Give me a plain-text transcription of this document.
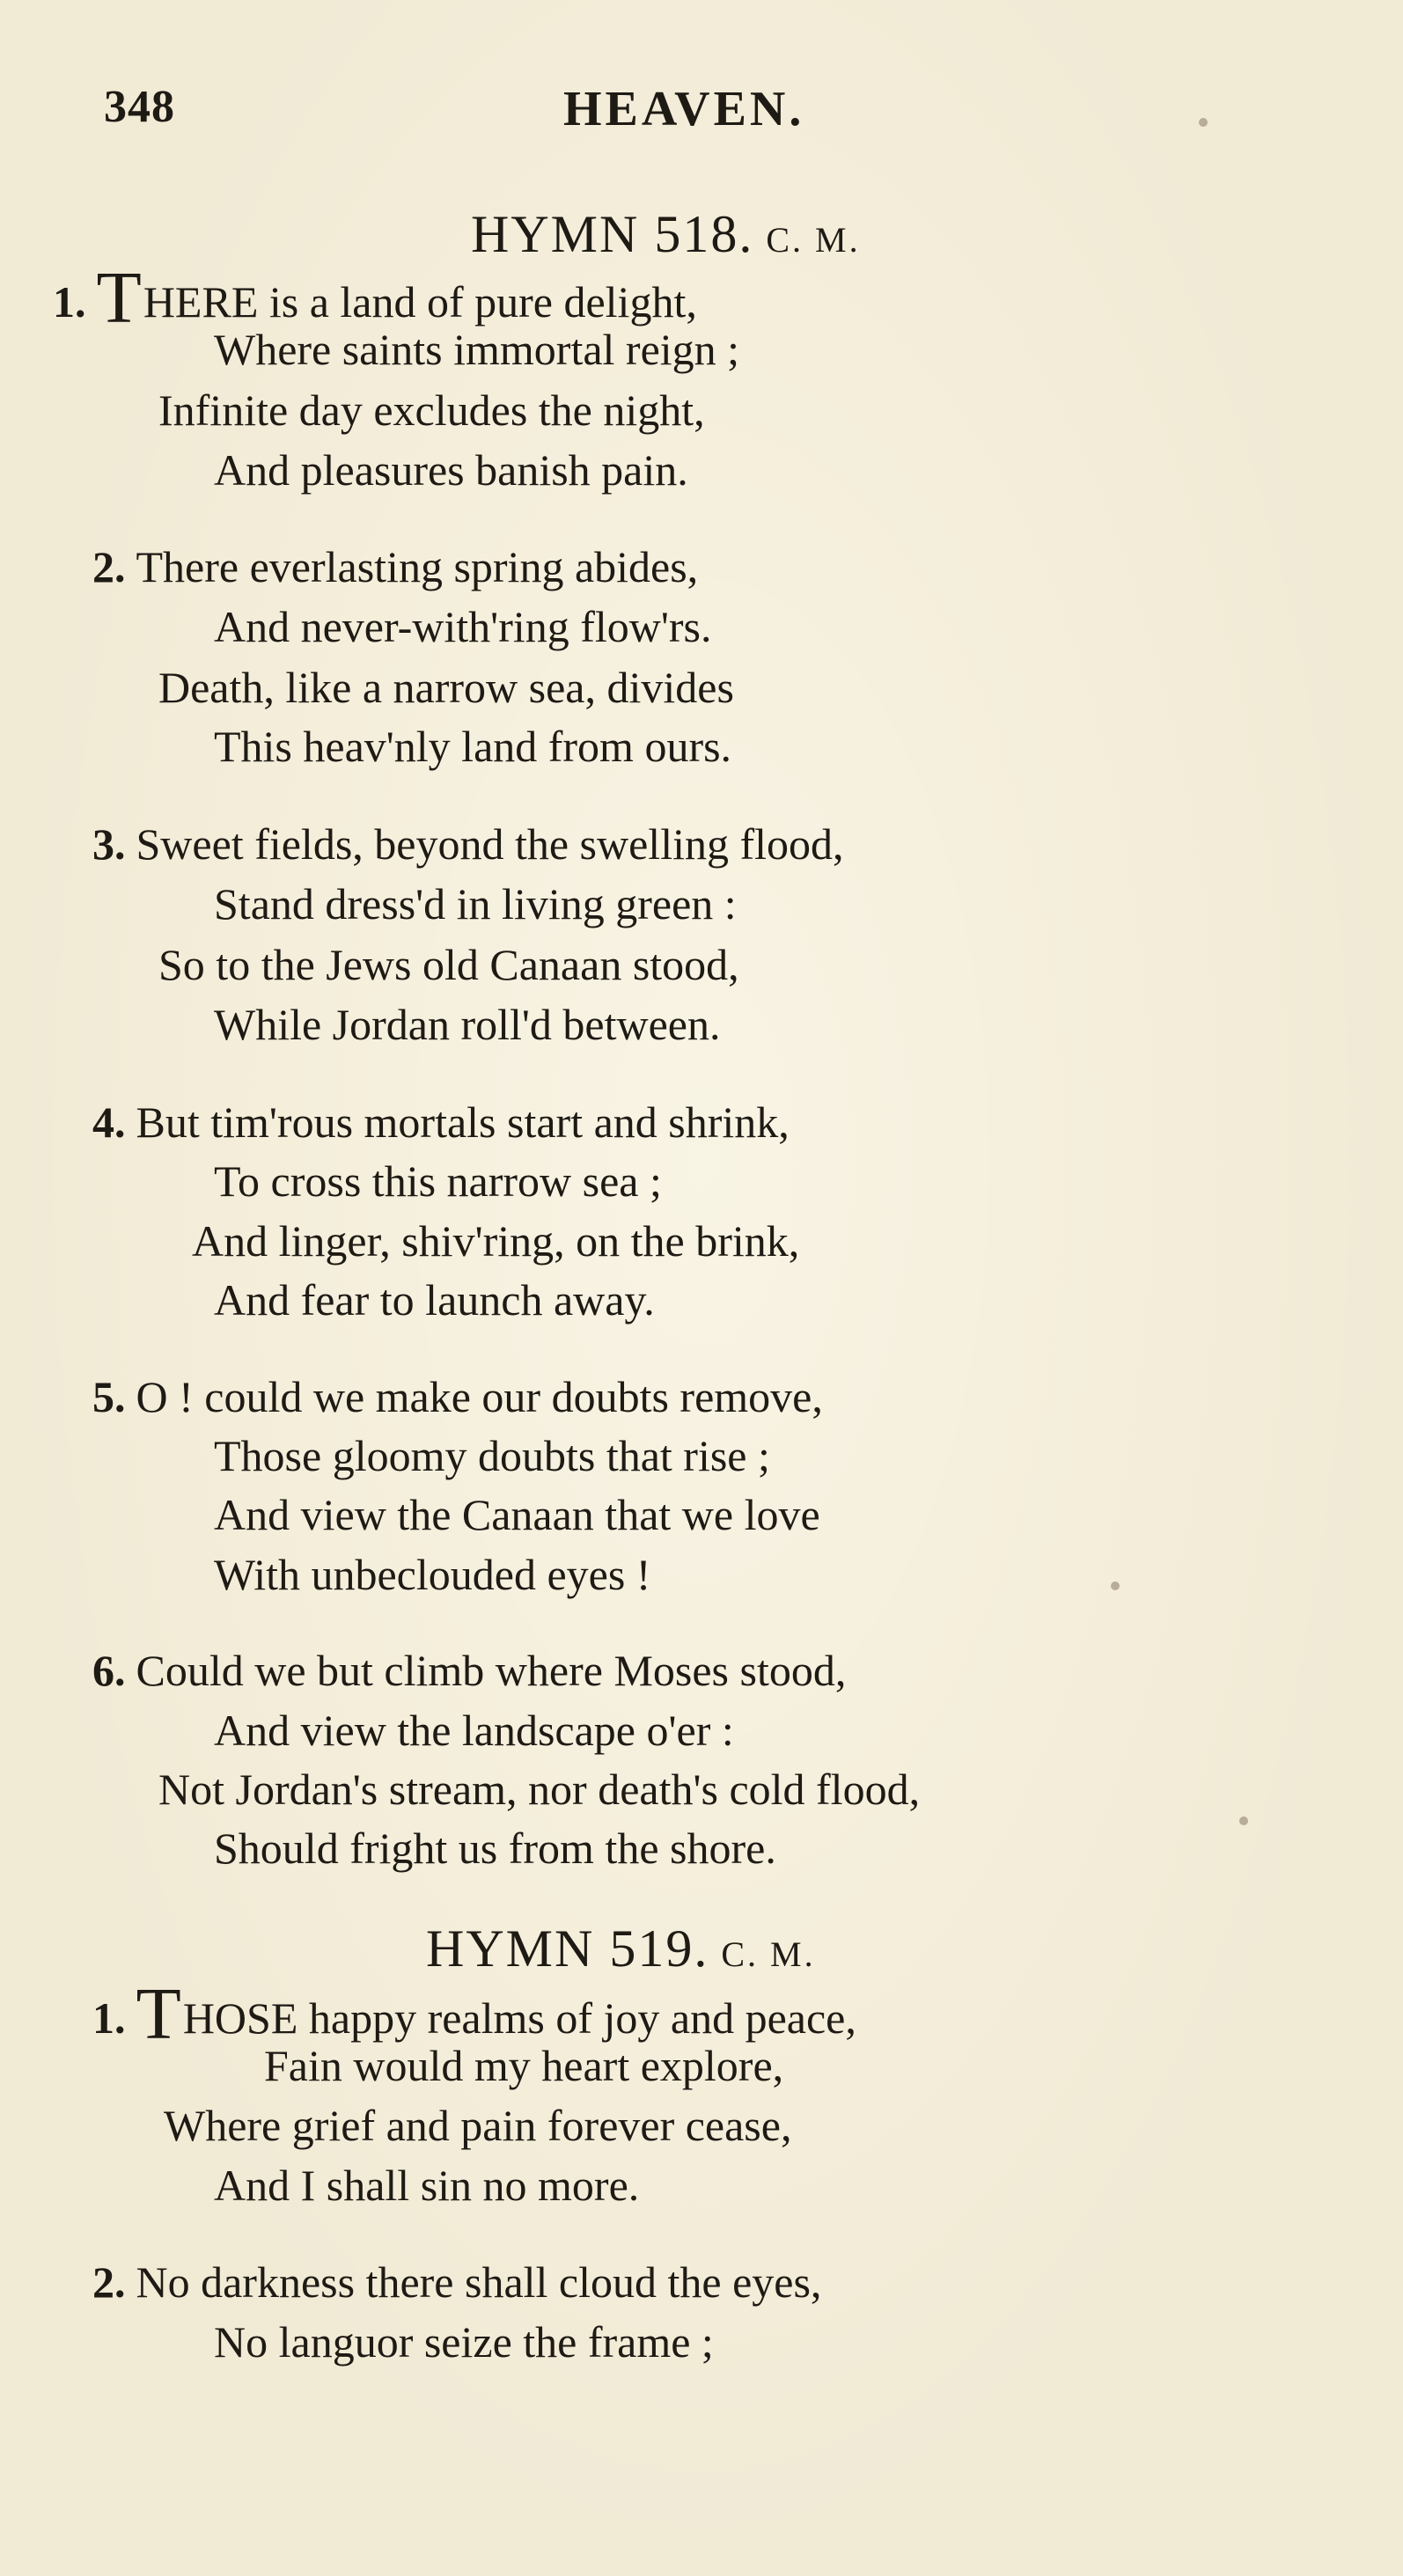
348	HEAVEN.
HYMN 518. C. M.
1. THERE is a land of pure delight,
Where saints immortal reign ;
Infinite day excludes the night,
And pleasures banish pain.
2. There everlasting spring abides,
And never-with'ring flow'rs.
Death, like a narrow sea, divides
This heav'nly land from ours.
3. Sweet fields, beyond the swelling flood,
Stand dress'd in living green :
So to the Jews old Canaan stood,
While Jordan roll'd between.
4. But tim'rous mortals start and shrink,
To cross this narrow sea ;
And linger, shiv'ring, on the brink,
And fear to launch away.
5. O ! could we make our doubts remove,
Those gloomy doubts that rise ;
And view the Canaan that we love
With unbeclouded eyes !
6. Could we but climb where Moses stood,
And view the landscape o'er :
Not Jordan's stream, nor death's cold flood,
Should fright us from the shore.
HYMN 519. C. M.
1. THOSE happy realms of joy and peace,
Fain would my heart explore,
Where grief and pain forever cease,
And I shall sin no more.
2. No darkness there shall cloud the eyes,
No languor seize the frame ;
